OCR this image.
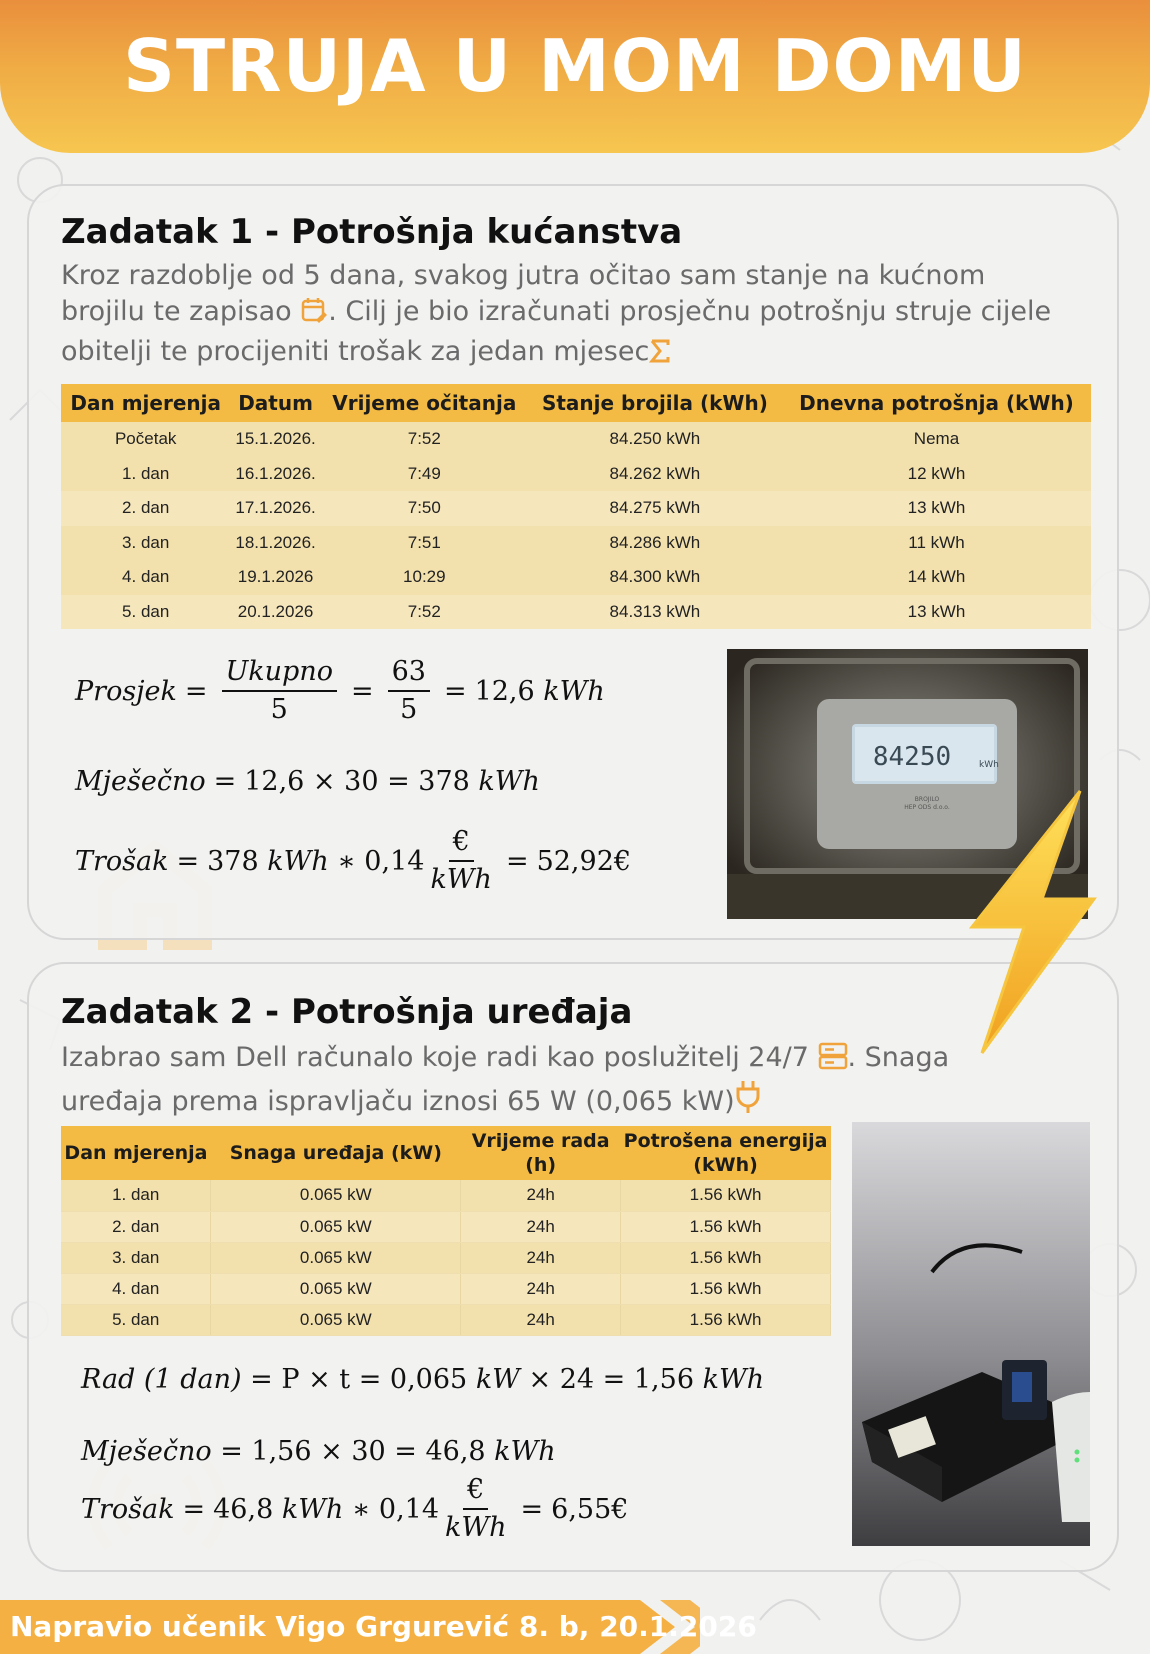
STRUJA U MOM DOMU
Zadatak 1 - Potrošnja kućanstva
Kroz razdoblje od 5 dana, svakog jutra očitao sam stanje na kućnom brojilu te zapisao . Cilj je bio izračunati prosječnu potrošnju struje cijele obitelji te procijeniti trošak za jedan mjesec
Dan mjerenja	Datum	Vrijeme očitanja	Stanje brojila (kWh)	Dnevna potrošnja (kWh)
Početak	15.1.2026.	7:52	84.250 kWh	Nema
1. dan	16.1.2026.	7:49	84.262 kWh	12 kWh
2. dan	17.1.2026.	7:50	84.275 kWh	13 kWh
3. dan	18.1.2026.	7:51	84.286 kWh	11 kWh
4. dan	19.1.2026	10:29	84.300 kWh	14 kWh
5. dan	20.1.2026	7:52	84.313 kWh	13 kWh
Prosjek = $\frac{\text{Ukupno}}{5} = \frac{63}{5} = 12,6$
kWh
Mješečno = 12,6 × 30 = 378
kWh
Trošak = 378
kWh
∗ $0,14 \frac{€}{\text{kWh}}$ = 52,92€
84250	kWh
BROJILO
HEP ODS d.o.o.
Zadatak 2 - Potrošnja uređaja
Izabrao sam Dell računalo koje radi kao poslužitelj 24/7 . Snaga uređaja prema ispravljaču iznosi 65 W (0,065 kW)
Dan mjerenja	Snaga uređaja (kW)	Vrijeme rada (h)	Potrošena energija (kWh)
1. dan	0.065 kW	24h	1.56 kWh
2. dan	0.065 kW	24h	1.56 kWh
3. dan	0.065 kW	24h	1.56 kWh
4. dan	0.065 kW	24h	1.56 kWh
5. dan	0.065 kW	24h	1.56 kWh
Rad (1 dan)
= P × t = 0,065
kW
× 24 = 1,56
kWh
Mješečno
= 1,56 × 30 = 46,8
kWh
Trošak = 46,8
kWh
∗ $0,14 \frac{€}{\text{kWh}}$ = 6,55€
Napravio učenik Vigo Grgurević 8. b, 20.1.2026
